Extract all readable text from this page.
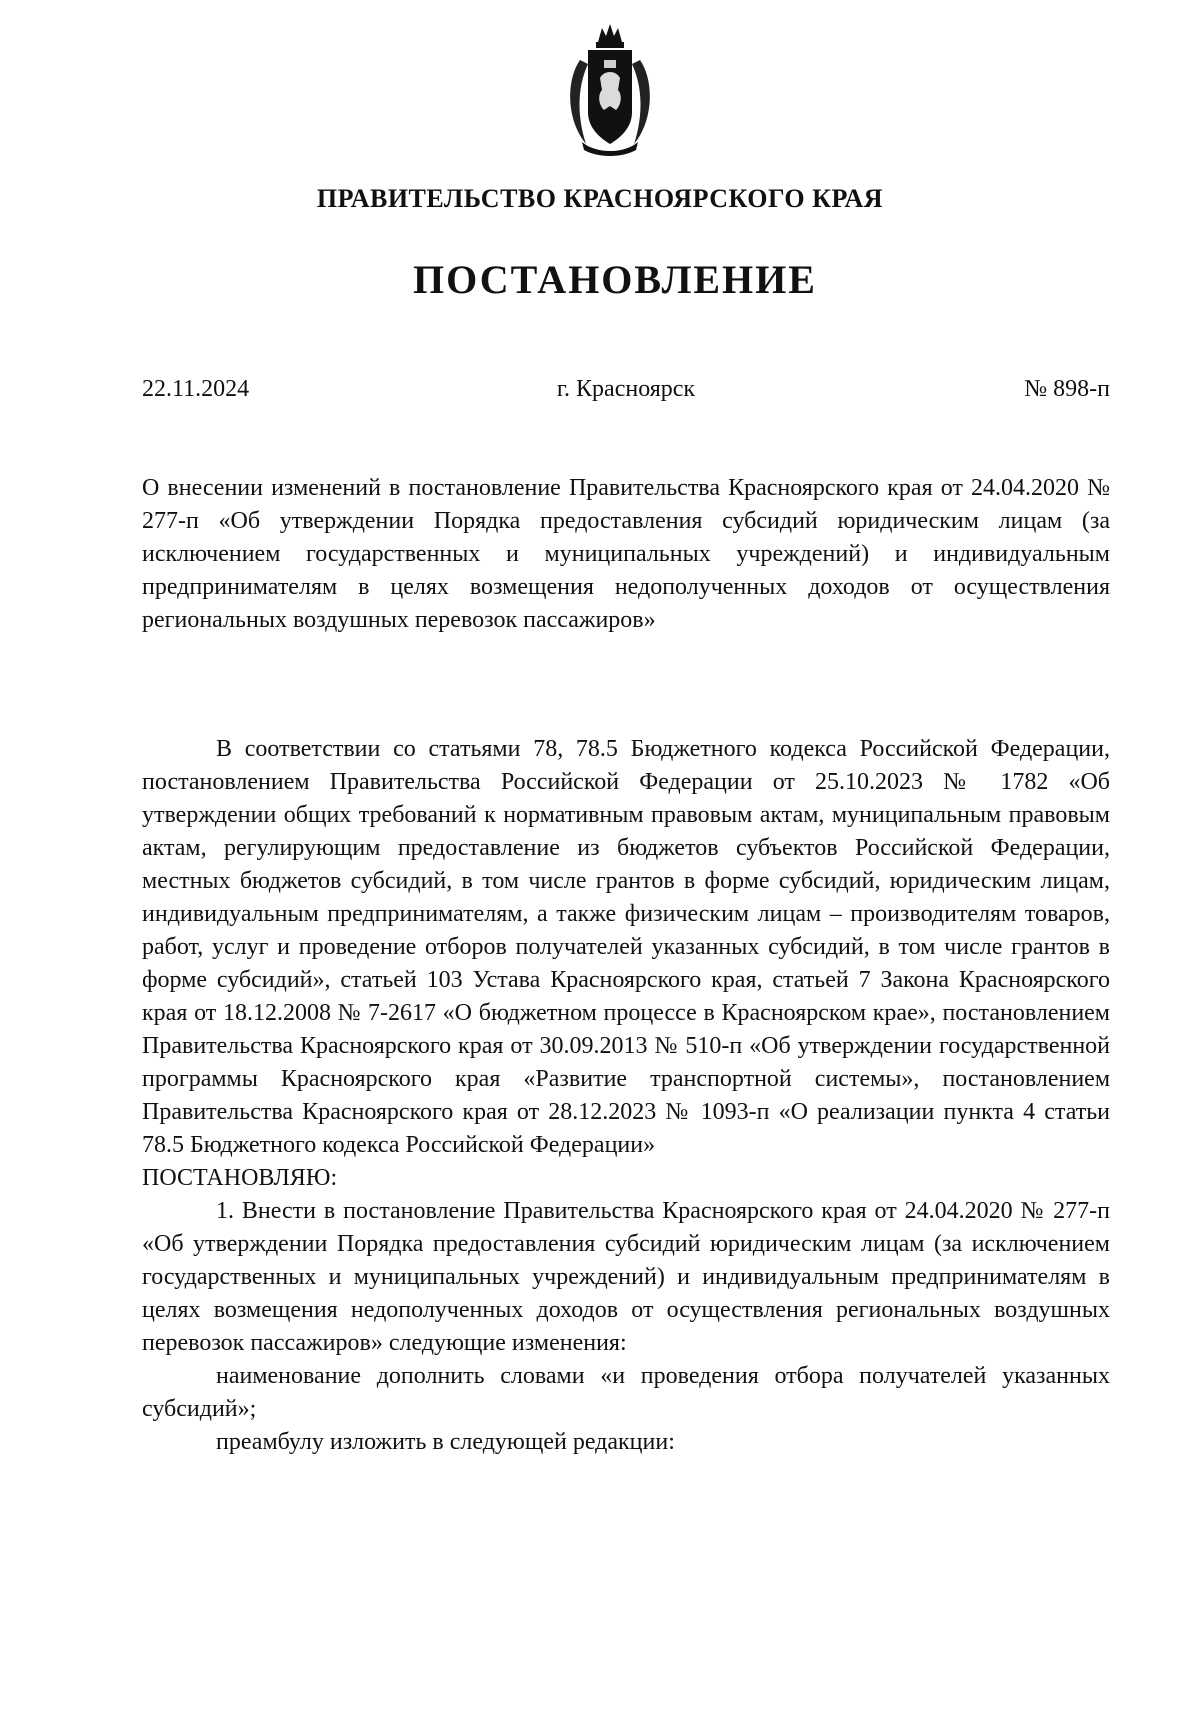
ПРАВИТЕЛЬСТВО КРАСНОЯРСКОГО КРАЯ
ПОСТАНОВЛЕНИЕ
22.11.2024	г. Красноярск	№ 898-п

О внесении изменений в постановление Правительства Красноярского края от 24.04.2020 № 277-п «Об утверждении Порядка предоставления субсидий юридическим лицам (за исключением государственных и муниципальных учреждений) и индивидуальным предпринимателям в целях возмещения недополученных доходов от осуществления региональных воздушных перевозок пассажиров»

В соответствии со статьями 78, 78.5 Бюджетного кодекса Российской Федерации, постановлением Правительства Российской Федерации от 25.10.2023 № 1782 «Об утверждении общих требований к нормативным правовым актам, муниципальным правовым актам, регулирующим предоставление из бюджетов субъектов Российской Федерации, местных бюджетов субсидий, в том числе грантов в форме субсидий, юридическим лицам, индивидуальным предпринимателям, а также физическим лицам – производителям товаров, работ, услуг и проведение отборов получателей указанных субсидий, в том числе грантов в форме субсидий», статьей 103 Устава Красноярского края, статьей 7 Закона Красноярского края от 18.12.2008 № 7-2617 «О бюджетном процессе в Красноярском крае», постановлением Правительства Красноярского края от 30.09.2013 № 510-п «Об утверждении государственной программы Красноярского края «Развитие транспортной системы», постановлением Правительства Красноярского края от 28.12.2023 № 1093-п «О реализации пункта 4 статьи 78.5 Бюджетного кодекса Российской Федерации»

ПОСТАНОВЛЯЮ:

1. Внести в постановление Правительства Красноярского края от 24.04.2020 № 277-п «Об утверждении Порядка предоставления субсидий юридическим лицам (за исключением государственных и муниципальных учреждений) и индивидуальным предпринимателям в целях возмещения недополученных доходов от осуществления региональных воздушных перевозок пассажиров» следующие изменения:

наименование дополнить словами «и проведения отбора получателей указанных субсидий»;

преамбулу изложить в следующей редакции:
